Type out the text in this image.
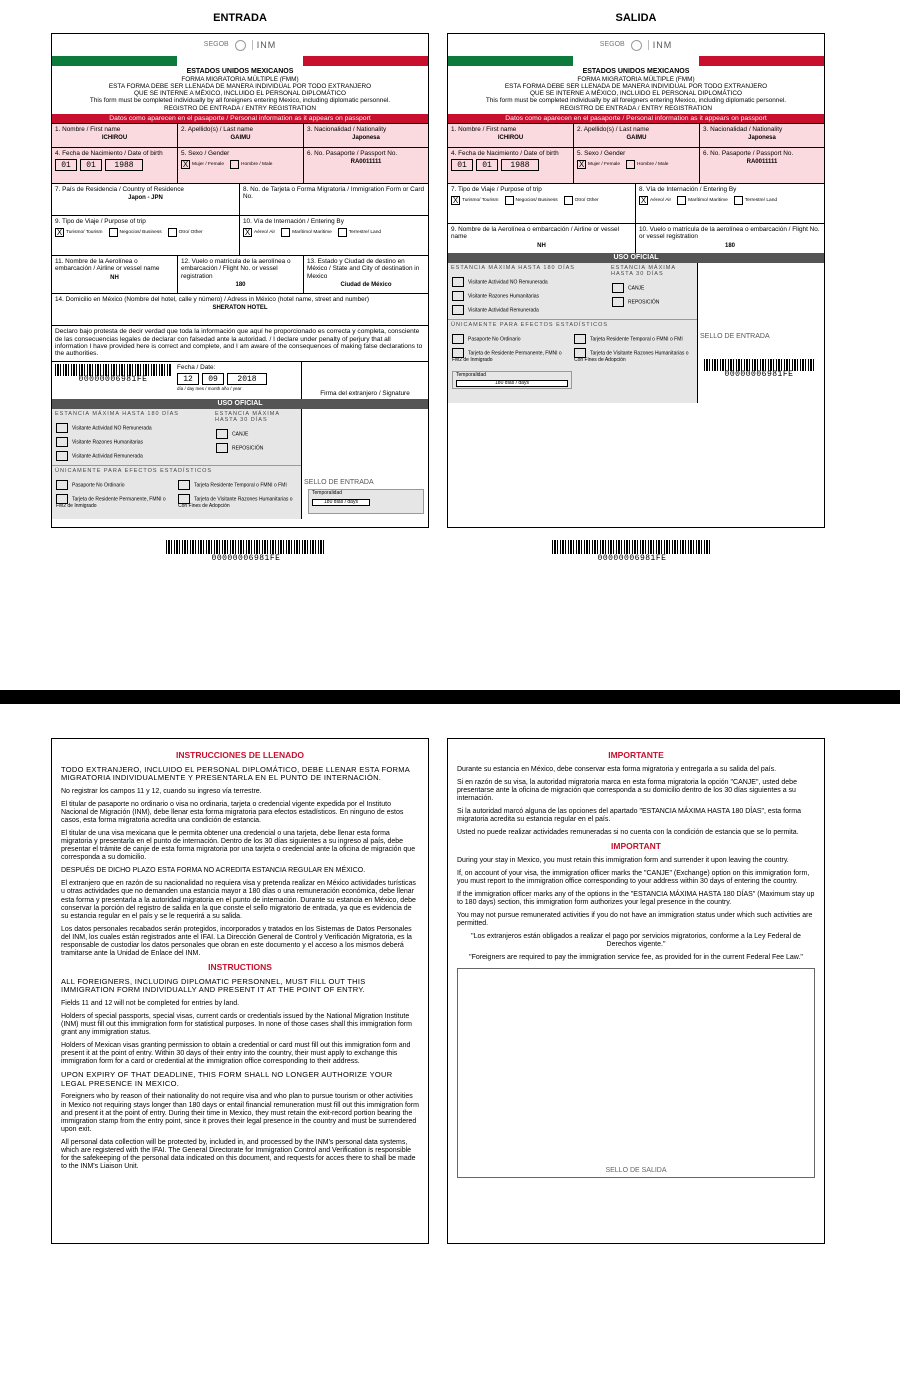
ENTRADA	SALIDA
SEGOB	INM
ESTADOS UNIDOS MEXICANOS
FORMA MIGRATORIA MÚLTIPLE (FMM)
ESTA FORMA DEBE SER LLENADA DE MANERA INDIVIDUAL POR TODO EXTRANJERO
QUE SE INTERNE A MÉXICO, INCLUIDO EL PERSONAL DIPLOMÁTICO
This form must be completed individually by all foreigners entering Mexico, including diplomatic personnel.
REGISTRO DE ENTRADA / ENTRY REGISTRATION
Datos como aparecen en el pasaporte / Personal information as it appears on passport
1. Nombre / First name
ICHIROU
2. Apellido(s) / Last name
GAIMU
3. Nacionalidad / Nationality
Japonesa
4. Fecha de Nacimiento / Date of birth
01	01	1988
5. Sexo / Gender
X Mujer / Female	Hombre / Male
6. No. Pasaporte / Passport No.
RA0011111
7. País de Residencia / Country of Residence
Japon - JPN
8. No. de Tarjeta o Forma Migratoria / Immigration Form or Card No.
9. Tipo de Viaje / Purpose of trip
X Turismo/ Tourism	Negocios/ Business	Otro/ Other
10. Vía de Internación / Entering By
X Aéreo/ Air	Marítimo/ Maritime	Terrestre/ Land
11. Nombre de la Aerolínea o embarcación / Airline or vessel name
NH
12. Vuelo o matrícula de la aerolínea o embarcación / Flight No. or vessel registration
180
13. Estado y Ciudad de destino en México / State and City of destination in Mexico
Ciudad de México
14. Domicilio en México (Nombre del hotel, calle y número) / Adress in México (hotel name, street and number)
SHERATON HOTEL
Declaro bajo protesta de decir verdad que toda la información que aquí he proporcionado es correcta y completa, consciente de las consecuencias legales de declarar con falsedad ante la autoridad. / I declare under penalty of perjury that all information I have provided here is correct and complete, and I am aware of the consequences of making false declarations to the authorities.
00000006981FE
Fecha / Date:
12	09	2018
día / day mes / month año / year
Firma del extranjero / Signature
USO OFICIAL
ESTANCIA MÁXIMA HASTA 180 DÍAS
Visitante Actividad NO Remunerada
Visitante Razones Humanitarias
Visitante Actividad Remunerada
ESTANCIA MÁXIMA HASTA 30 DÍAS
CANJE
REPOSICIÓN
ÚNICAMENTE PARA EFECTOS ESTADÍSTICOS
Pasaporte No Ordinario
Tarjeta de Residente Permanente, FMNI o FM2 de Inmigrado
Tarjeta Residente Temporal o FMNI o FMI
Tarjeta de Visitante Razones Humanitarias o Con Fines de Adopción
SELLO DE ENTRADA
Temporalidad
180 días / days
SEGOB	INM
ESTADOS UNIDOS MEXICANOS
FORMA MIGRATORIA MÚLTIPLE (FMM)
ESTA FORMA DEBE SER LLENADA DE MANERA INDIVIDUAL POR TODO EXTRANJERO
QUE SE INTERNE A MÉXICO, INCLUIDO EL PERSONAL DIPLOMÁTICO
This form must be completed individually by all foreigners entering Mexico, including diplomatic personnel.
REGISTRO DE ENTRADA / ENTRY REGISTRATION
Datos como aparecen en el pasaporte / Personal information as it appears on passport
1. Nombre / First name
ICHIROU
2. Apellido(s) / Last name
GAIMU
3. Nacionalidad / Nationality
Japonesa
4. Fecha de Nacimiento / Date of birth
01	01	1988
5. Sexo / Gender
X Mujer / Female	Hombre / Male
6. No. Pasaporte / Passport No.
RA0011111
7. Tipo de Viaje / Purpose of trip
X Turismo/ Tourism	Negocios/ Business	Otro/ Other
8. Vía de Internación / Entering By
X Aéreo/ Air	Marítimo/ Maritime	Terrestre/ Land
9. Nombre de la Aerolínea o embarcación / Airline or vessel name
NH
10. Vuelo o matrícula de la aerolínea o embarcación / Flight No. or vessel registration
180
USO OFICIAL
ESTANCIA MÁXIMA HASTA 180 DÍAS
Visitante Actividad NO Remunerada
Visitante Razones Humanitarias
Visitante Actividad Remunerada
ESTANCIA MÁXIMA HASTA 30 DÍAS
CANJE
REPOSICIÓN
ÚNICAMENTE PARA EFECTOS ESTADÍSTICOS
Pasaporte No Ordinario
Tarjeta de Residente Permanente, FMNI o FM2 de Inmigrado
Tarjeta Residente Temporal o FMNI o FMI
Tarjeta de Visitante Razones Humanitarias o Con Fines de Adopción
Temporalidad
180 días / days
SELLO DE ENTRADA
00000006981FE
00000006981FE	00000006981FE
INSTRUCCIONES DE LLENADO

TODO EXTRANJERO, INCLUIDO EL PERSONAL DIPLOMÁTICO, DEBE LLENAR ESTA FORMA MIGRATORIA INDIVIDUALMENTE Y PRESENTARLA EN EL PUNTO DE INTERNACIÓN.

No registrar los campos 11 y 12, cuando su ingreso vía terrestre.

El titular de pasaporte no ordinario o visa no ordinaria, tarjeta o credencial vigente expedida por el Instituto Nacional de Migración (INM), debe llenar esta forma migratoria para efectos estadísticos. En ninguno de estos casos, esta forma migratoria acredita una condición de estancia.

El titular de una visa mexicana que le permita obtener una credencial o una tarjeta, debe llenar esta forma migratoria y presentarla en el punto de internación. Dentro de los 30 días siguientes a su ingreso al país, debe presentar el trámite de canje de esta forma migratoria por una tarjeta o credencial ante la oficina de migración que corresponda a su domicilio.

DESPUÉS DE DICHO PLAZO ESTA FORMA NO ACREDITA ESTANCIA REGULAR EN MÉXICO.

El extranjero que en razón de su nacionalidad no requiera visa y pretenda realizar en México actividades turísticas u otras actividades que no demanden una estancia mayor a 180 días o una remuneración económica, debe llenar esta forma y presentarla a la autoridad migratoria en el punto de internación. Durante su estancia en México, debe conservar la porción del registro de salida en la que conste el sello migratorio de entrada, ya que es evidencia de su estancia regular en el país y se le requerirá a su salida.

Los datos personales recabados serán protegidos, incorporados y tratados en los Sistemas de Datos Personales del INM, los cuales están registrados ante el IFAI. La Dirección General de Control y Verificación Migratoria, es la responsable de custodiar los datos personales que obran en este documento y el acceso a los mismos deberá tramitarse ante la Unidad de Enlace del INM.

INSTRUCTIONS

ALL FOREIGNERS, INCLUDING DIPLOMATIC PERSONNEL, MUST FILL OUT THIS IMMIGRATION FORM INDIVIDUALLY AND PRESENT IT AT THE POINT OF ENTRY.

Fields 11 and 12 will not be completed for entries by land.

Holders of special passports, special visas, current cards or credentials issued by the National Migration Institute (INM) must fill out this immigration form for statistical purposes. In none of those cases shall this immigration form grant any immigration status.

Holders of Mexican visas granting permission to obtain a credential or card must fill out this immigration form and present it at the point of entry. Within 30 days of their entry into the country, their must apply to exchange this immigration form for a card or credential at the immigration office corresponding to their address.

UPON EXPIRY OF THAT DEADLINE, THIS FORM SHALL NO LONGER AUTHORIZE YOUR LEGAL PRESENCE IN MEXICO.

Foreigners who by reason of their nationality do not require visa and who plan to pursue tourism or other activities in Mexico not requiring stays longer than 180 days or entail financial remuneration must fill out this immigration form and present it at the point of entry. During their time in Mexico, they must retain the exit-record portion bearing the immigration stamp from the entry point, since it proves their legal presence in the country and must be surrendered upon exit.

All personal data collection will be protected by, included in, and processed by the INM's personal data systems, which are registered with the IFAI. The General Directorate for Immigration Control and Verification is responsible for the safekeeping of the personal data indicated on this document, and requests for acces there to shall be made to the INM's Liaison Unit.

IMPORTANTE

Durante su estancia en México, debe conservar esta forma migratoria y entregarla a su salida del país.

Si en razón de su visa, la autoridad migratoria marca en esta forma migratoria la opción "CANJE", usted debe presentarse ante la oficina de migración que corresponda a su domicilio dentro de los 30 días siguientes a su internación.

Si la autoridad marcó alguna de las opciones del apartado "ESTANCIA MÁXIMA HASTA 180 DÍAS", esta forma migratoria acredita su estancia regular en el país.

Usted no puede realizar actividades remuneradas si no cuenta con la condición de estancia que se lo permita.

IMPORTANT

During your stay in Mexico, you must retain this immigration form and surrender it upon leaving the country.

If, on account of your visa, the immigration officer marks the "CANJE" (Exchange) option on this immigration form, you must report to the immigration office corresponding to your address within 30 days of entering the country.

If the immigration officer marks any of the options in the "ESTANCIA MÁXIMA HASTA 180 DÍAS" (Maximum stay up to 180 days) section, this immigration form authorizes your legal presence in the country.

You may not pursue remunerated activities if you do not have an immigration status under which such activities are permitted.

"Los extranjeros están obligados a realizar el pago por servicios migratorios, conforme a la Ley Federal de Derechos vigente."

"Foreigners are required to pay the immigration service fee, as provided for in the current Federal Fee Law."

SELLO DE SALIDA
